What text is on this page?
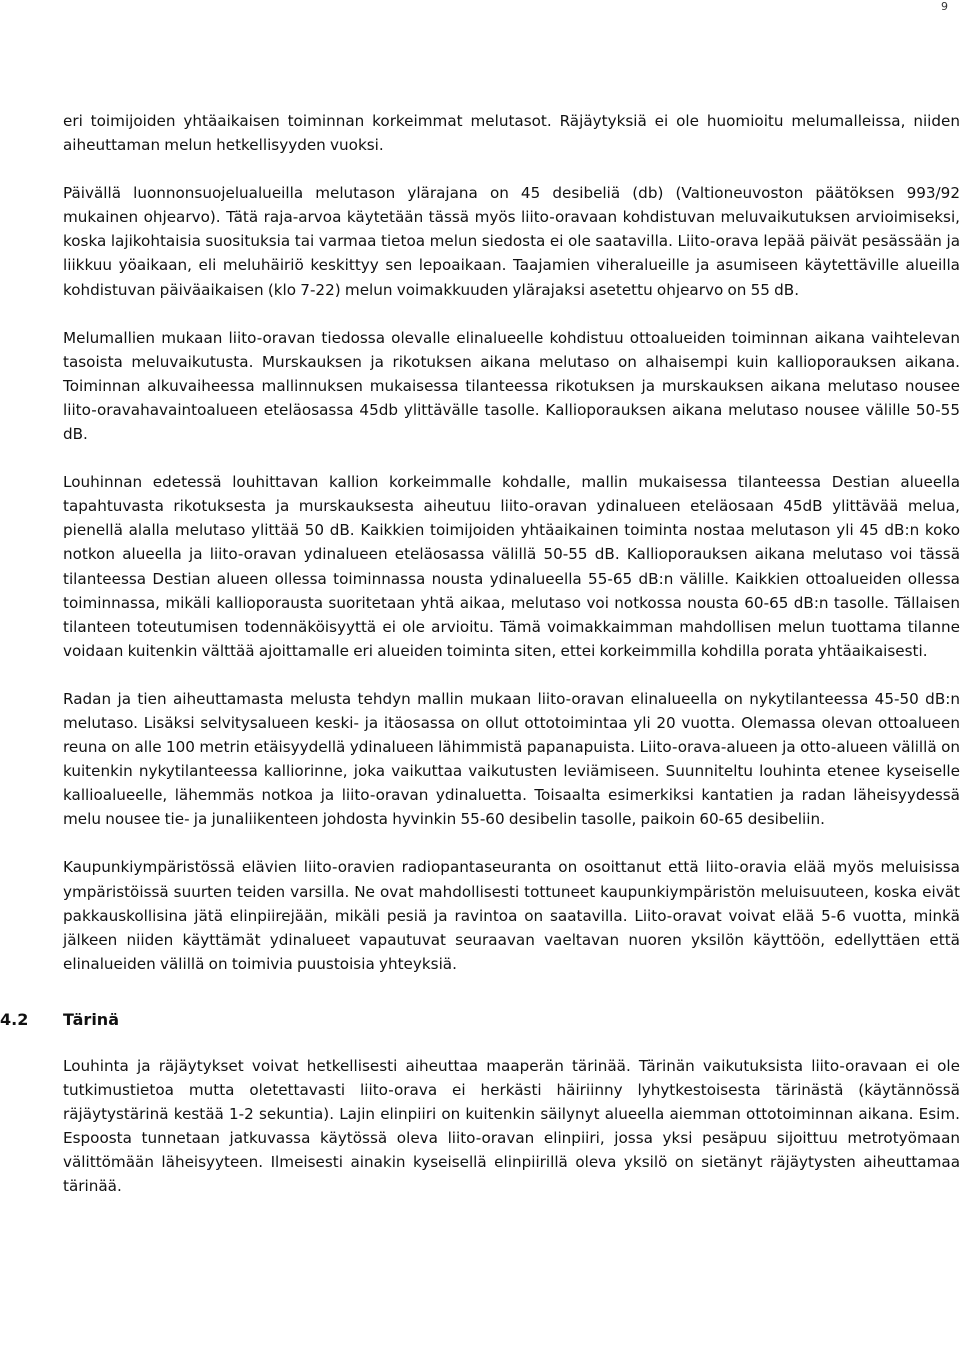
9

eri toimijoiden yhtäaikaisen toiminnan korkeimmat melutasot. Räjäytyksiä ei ole huomioitu melumalleissa, niiden aiheuttaman melun hetkellisyyden vuoksi.

Päivällä luonnonsuojelualueilla melutason ylärajana on 45 desibeliä (db) (Valtioneuvoston päätöksen 993/92 mukainen ohjearvo). Tätä raja-arvoa käytetään tässä myös liito-oravaan kohdistuvan meluvaikutuksen arvioimiseksi, koska lajikohtaisia suosituksia tai varmaa tietoa melun siedosta ei ole saatavilla. Liito-orava lepää päivät pesässään ja liikkuu yöaikaan, eli meluhäiriö keskittyy sen lepoaikaan. Taajamien viheralueille ja asumiseen käytettäville alueilla kohdistuvan päiväaikaisen (klo 7-22) melun voimakkuuden ylärajaksi asetettu ohjearvo on 55 dB.

Melumallien mukaan liito-oravan tiedossa olevalle elinalueelle kohdistuu ottoalueiden toiminnan aikana vaihtelevan tasoista meluvaikutusta. Murskauksen ja rikotuksen aikana melutaso on alhaisempi kuin kallioporauksen aikana. Toiminnan alkuvaiheessa mallinnuksen mukaisessa tilanteessa rikotuksen ja murskauksen aikana melutaso nousee liito-oravahavaintoalueen eteläosassa 45db ylittävälle tasolle. Kallioporauksen aikana melutaso nousee välille 50-55 dB.

Louhinnan edetessä louhittavan kallion korkeimmalle kohdalle, mallin mukaisessa tilanteessa Destian alueella tapahtuvasta rikotuksesta ja murskauksesta aiheutuu liito-oravan ydinalueen eteläosaan 45dB ylittävää melua, pienellä alalla melutaso ylittää 50 dB. Kaikkien toimijoiden yhtäaikainen toiminta nostaa melutason yli 45 dB:n koko notkon alueella ja liito-oravan ydinalueen eteläosassa välillä 50-55 dB. Kallioporauksen aikana melutaso voi tässä tilanteessa Destian alueen ollessa toiminnassa nousta ydinalueella 55-65 dB:n välille. Kaikkien ottoalueiden ollessa toiminnassa, mikäli kallioporausta suoritetaan yhtä aikaa, melutaso voi notkossa nousta 60-65 dB:n tasolle. Tällaisen tilanteen toteutumisen todennäköisyyttä ei ole arvioitu. Tämä voimakkaimman mahdollisen melun tuottama tilanne voidaan kuitenkin välttää ajoittamalle eri alueiden toiminta siten, ettei korkeimmilla kohdilla porata yhtäaikaisesti.

Radan ja tien aiheuttamasta melusta tehdyn mallin mukaan liito-oravan elinalueella on nykytilanteessa 45-50 dB:n melutaso. Lisäksi selvitysalueen keski- ja itäosassa on ollut ottotoimintaa yli 20 vuotta. Olemassa olevan ottoalueen reuna on alle 100 metrin etäisyydellä ydinalueen lähimmistä papanapuista. Liito-orava-alueen ja otto-alueen välillä on kuitenkin nykytilanteessa kalliorinne, joka vaikuttaa vaikutusten leviämiseen. Suunniteltu louhinta etenee kyseiselle kallioalueelle, lähemmäs notkoa ja liito-oravan ydinaluetta. Toisaalta esimerkiksi kantatien ja radan läheisyydessä melu nousee tie- ja junaliikenteen johdosta hyvinkin 55-60 desibelin tasolle, paikoin 60-65 desibeliin.

Kaupunkiympäristössä elävien liito-oravien radiopantaseuranta on osoittanut että liito-oravia elää myös meluisissa ympäristöissä suurten teiden varsilla. Ne ovat mahdollisesti tottuneet kaupunkiympäristön meluisuuteen, koska eivät pakkauskollisina jätä elinpiirejään, mikäli pesiä ja ravintoa on saatavilla. Liito-oravat voivat elää 5-6 vuotta, minkä jälkeen niiden käyttämät ydinalueet vapautuvat seuraavan vaeltavan nuoren yksilön käyttöön, edellyttäen että elinalueiden välillä on toimivia puustoisia yhteyksiä.

4.2 Tärinä

Louhinta ja räjäytykset voivat hetkellisesti aiheuttaa maaperän tärinää. Tärinän vaikutuksista liito-oravaan ei ole tutkimustietoa mutta oletettavasti liito-orava ei herkästi häiriinny lyhytkestoisesta tärinästä (käytännössä räjäytystärinä kestää 1-2 sekuntia). Lajin elinpiiri on kuitenkin säilynyt alueella aiemman ottotoiminnan aikana. Esim. Espoosta tunnetaan jatkuvassa käytössä oleva liito-oravan elinpiiri, jossa yksi pesäpuu sijoittuu metrotyömaan välittömään läheisyyteen. Ilmeisesti ainakin kyseisellä elinpiirillä oleva yksilö on sietänyt räjäytysten aiheuttamaa tärinää.
